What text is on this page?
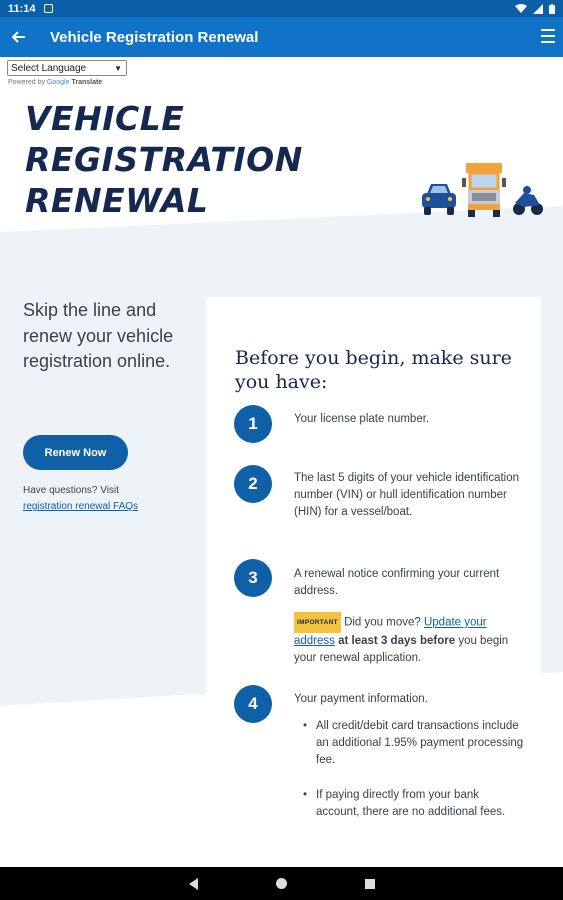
11:14
Vehicle Registration Renewal
Select Language	▼
Powered by Google Translate
VEHICLE
REGISTRATION
RENEWAL
Skip the line and renew your vehicle registration online.
Renew Now
Have questions? Visit
registration renewal FAQs
Before you begin, make sure you have:
1	Your license plate number.
2	The last 5 digits of your vehicle identification number (VIN) or hull identification number (HIN) for a vessel/boat.
3	A renewal notice confirming your current address.
IMPORTANT Did you move? Update your address at least 3 days before you begin your renewal application.
4	Your payment information.
• All credit/debit card transactions include an additional 1.95% payment processing fee.
• If paying directly from your bank account, there are no additional fees.
